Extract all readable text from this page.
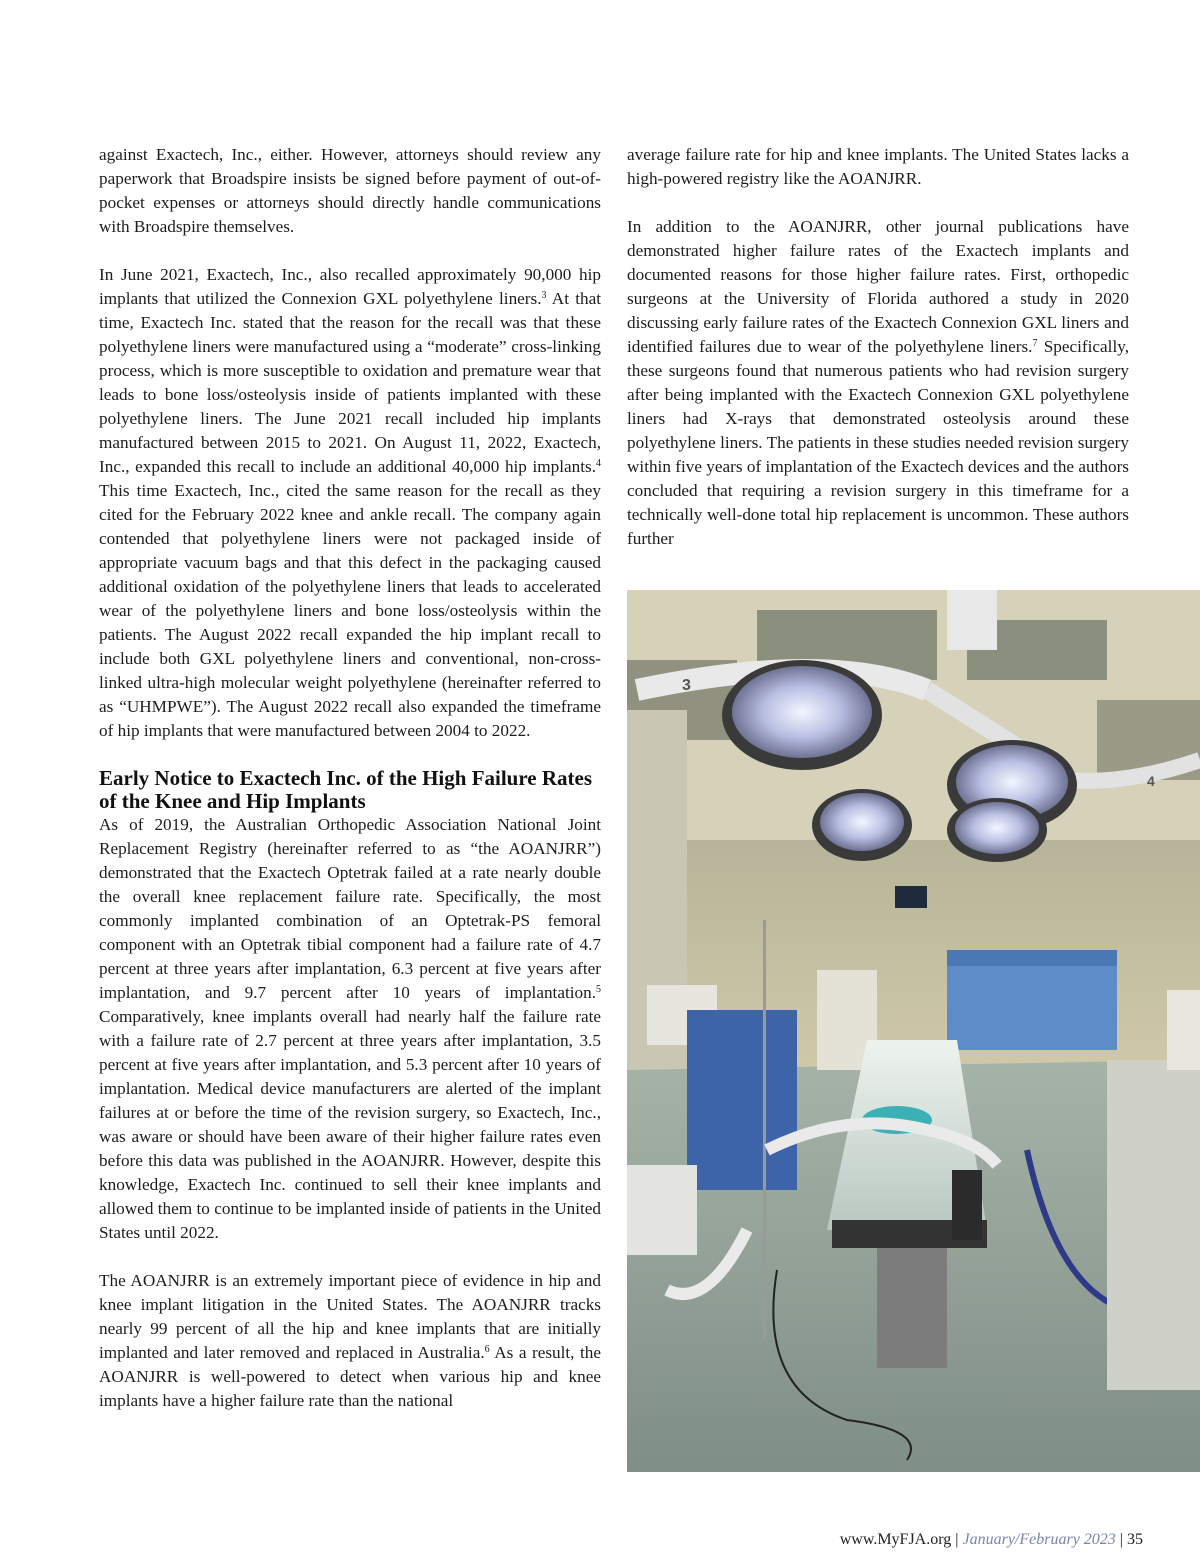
against Exactech, Inc., either. However, attorneys should review any paperwork that Broadspire insists be signed before payment of out-of-pocket expenses or attorneys should directly handle communications with Broadspire themselves.

In June 2021, Exactech, Inc., also recalled approximately 90,000 hip implants that utilized the Connexion GXL polyethylene liners.$^3$ At that time, Exactech Inc. stated that the reason for the recall was that these polyethylene liners were manufactured using a “moderate” cross-linking process, which is more susceptible to oxidation and premature wear that leads to bone loss/osteolysis inside of patients implanted with these polyethylene liners. The June 2021 recall included hip implants manufactured between 2015 to 2021. On August 11, 2022, Exactech, Inc., expanded this recall to include an additional 40,000 hip implants.$^4$ This time Exactech, Inc., cited the same reason for the recall as they cited for the February 2022 knee and ankle recall. The company again contended that polyethylene liners were not packaged inside of appropriate vacuum bags and that this defect in the packaging caused additional oxidation of the polyethylene liners that leads to accelerated wear of the polyethylene liners and bone loss/osteolysis within the patients. The August 2022 recall expanded the hip implant recall to include both GXL polyethylene liners and conventional, non-cross-linked ultra-high molecular weight polyethylene (hereinafter referred to as “UHMPWE”). The August 2022 recall also expanded the timeframe of hip implants that were manufactured between 2004 to 2022.

Early Notice to Exactech Inc. of the High Failure Rates of the Knee and Hip Implants

As of 2019, the Australian Orthopedic Association National Joint Replacement Registry (hereinafter referred to as “the AOANJRR”) demonstrated that the Exactech Optetrak failed at a rate nearly double the overall knee replacement failure rate. Specifically, the most commonly implanted combination of an Optetrak-PS femoral component with an Optetrak tibial component had a failure rate of 4.7 percent at three years after implantation, 6.3 percent at five years after implantation, and 9.7 percent after 10 years of implantation.$^5$ Comparatively, knee implants overall had nearly half the failure rate with a failure rate of 2.7 percent at three years after implantation, 3.5 percent at five years after implantation, and 5.3 percent after 10 years of implantation. Medical device manufacturers are alerted of the implant failures at or before the time of the revision surgery, so Exactech, Inc., was aware or should have been aware of their higher failure rates even before this data was published in the AOANJRR. However, despite this knowledge, Exactech Inc. continued to sell their knee implants and allowed them to continue to be implanted inside of patients in the United States until 2022.

The AOANJRR is an extremely important piece of evidence in hip and knee implant litigation in the United States. The AOANJRR tracks nearly 99 percent of all the hip and knee implants that are initially implanted and later removed and replaced in Australia.$^6$ As a result, the AOANJRR is well-powered to detect when various hip and knee implants have a higher failure rate than the national

average failure rate for hip and knee implants. The United States lacks a high-powered registry like the AOANJRR.

In addition to the AOANJRR, other journal publications have demonstrated higher failure rates of the Exactech implants and documented reasons for those higher failure rates. First, orthopedic surgeons at the University of Florida authored a study in 2020 discussing early failure rates of the Exactech Connexion GXL liners and identified failures due to wear of the polyethylene liners.$^7$ Specifically, these surgeons found that numerous patients who had revision surgery after being implanted with the Exactech Connexion GXL polyethylene liners had X-rays that demonstrated osteolysis around these polyethylene liners. The patients in these studies needed revision surgery within five years of implantation of the Exactech devices and the authors concluded that requiring a revision surgery in this timeframe for a technically well-done total hip replacement is uncommon. These authors further

3
4
www.MyFJA.org | January/February 2023 | 35
